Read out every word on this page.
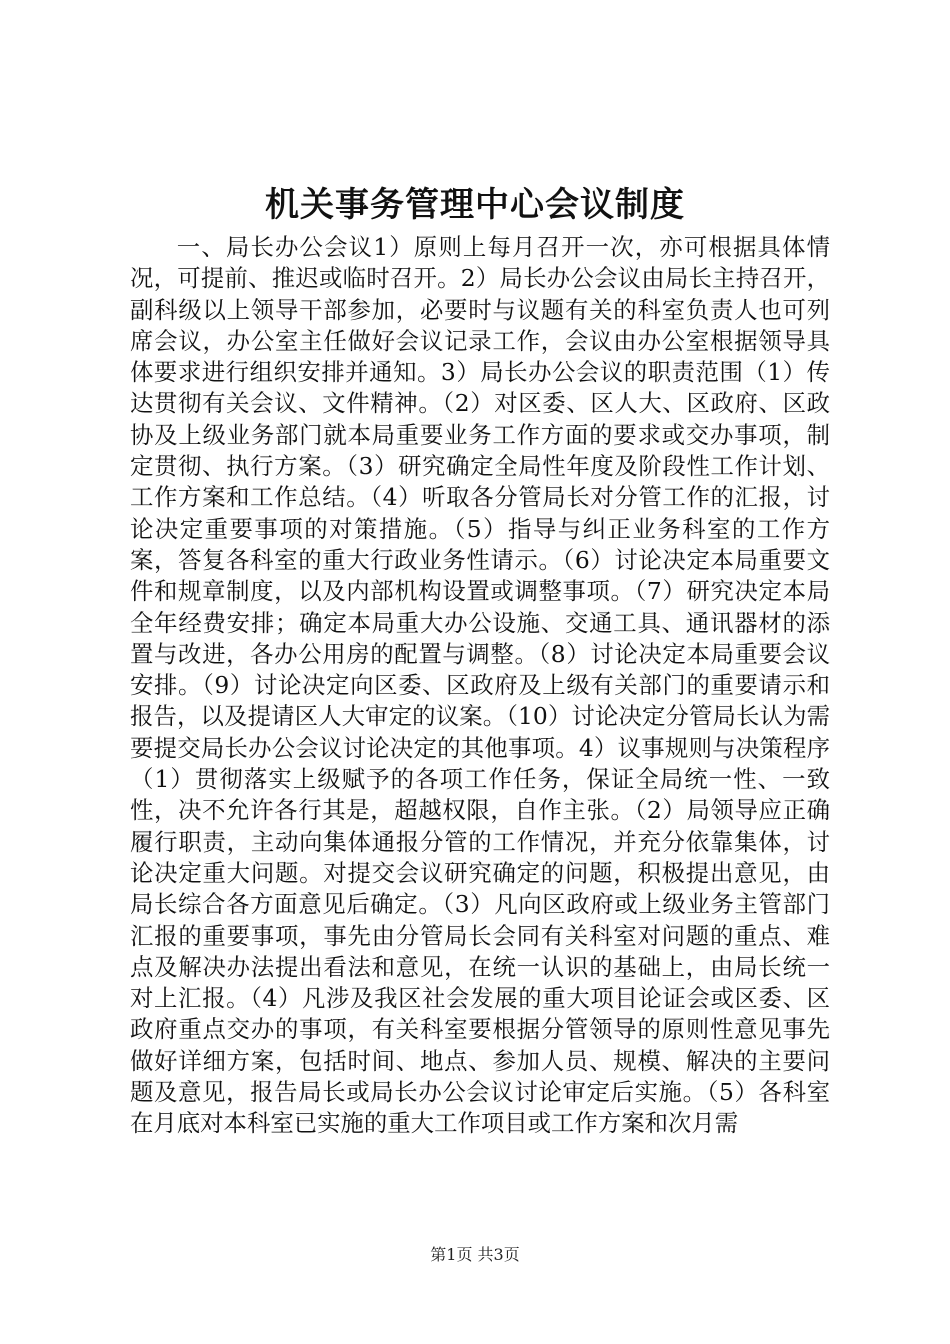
机关事务管理中心会议制度

一、局长办公会议1）原则上每月召开一次，亦可根据具体情况，可提前、推迟或临时召开。2）局长办公会议由局长主持召开，副科级以上领导干部参加，必要时与议题有关的科室负责人也可列席会议，办公室主任做好会议记录工作，会议由办公室根据领导具体要求进行组织安排并通知。3）局长办公会议的职责范围（1）传达贯彻有关会议、文件精神。（2）对区委、区人大、区政府、区政协及上级业务部门就本局重要业务工作方面的要求或交办事项，制定贯彻、执行方案。（3）研究确定全局性年度及阶段性工作计划、工作方案和工作总结。（4）听取各分管局长对分管工作的汇报，讨论决定重要事项的对策措施。（5）指导与纠正业务科室的工作方案，答复各科室的重大行政业务性请示。（6）讨论决定本局重要文件和规章制度，以及内部机构设置或调整事项。（7）研究决定本局全年经费安排；确定本局重大办公设施、交通工具、通讯器材的添置与改进，各办公用房的配置与调整。（8）讨论决定本局重要会议安排。（9）讨论决定向区委、区政府及上级有关部门的重要请示和报告，以及提请区人大审定的议案。（10）讨论决定分管局长认为需要提交局长办公会议讨论决定的其他事项。4）议事规则与决策程序（1）贯彻落实上级赋予的各项工作任务，保证全局统一性、一致性，决不允许各行其是，超越权限，自作主张。（2）局领导应正确履行职责，主动向集体通报分管的工作情况，并充分依靠集体，讨论决定重大问题。对提交会议研究确定的问题，积极提出意见，由局长综合各方面意见后确定。（3）凡向区政府或上级业务主管部门汇报的重要事项，事先由分管局长会同有关科室对问题的重点、难点及解决办法提出看法和意见，在统一认识的基础上，由局长统一对上汇报。（4）凡涉及我区社会发展的重大项目论证会或区委、区政府重点交办的事项，有关科室要根据分管领导的原则性意见事先做好详细方案，包括时间、地点、参加人员、规模、解决的主要问题及意见，报告局长或局长办公会议讨论审定后实施。（5）各科室在月底对本科室已实施的重大工作项目或工作方案和次月需

第1页 共3页
